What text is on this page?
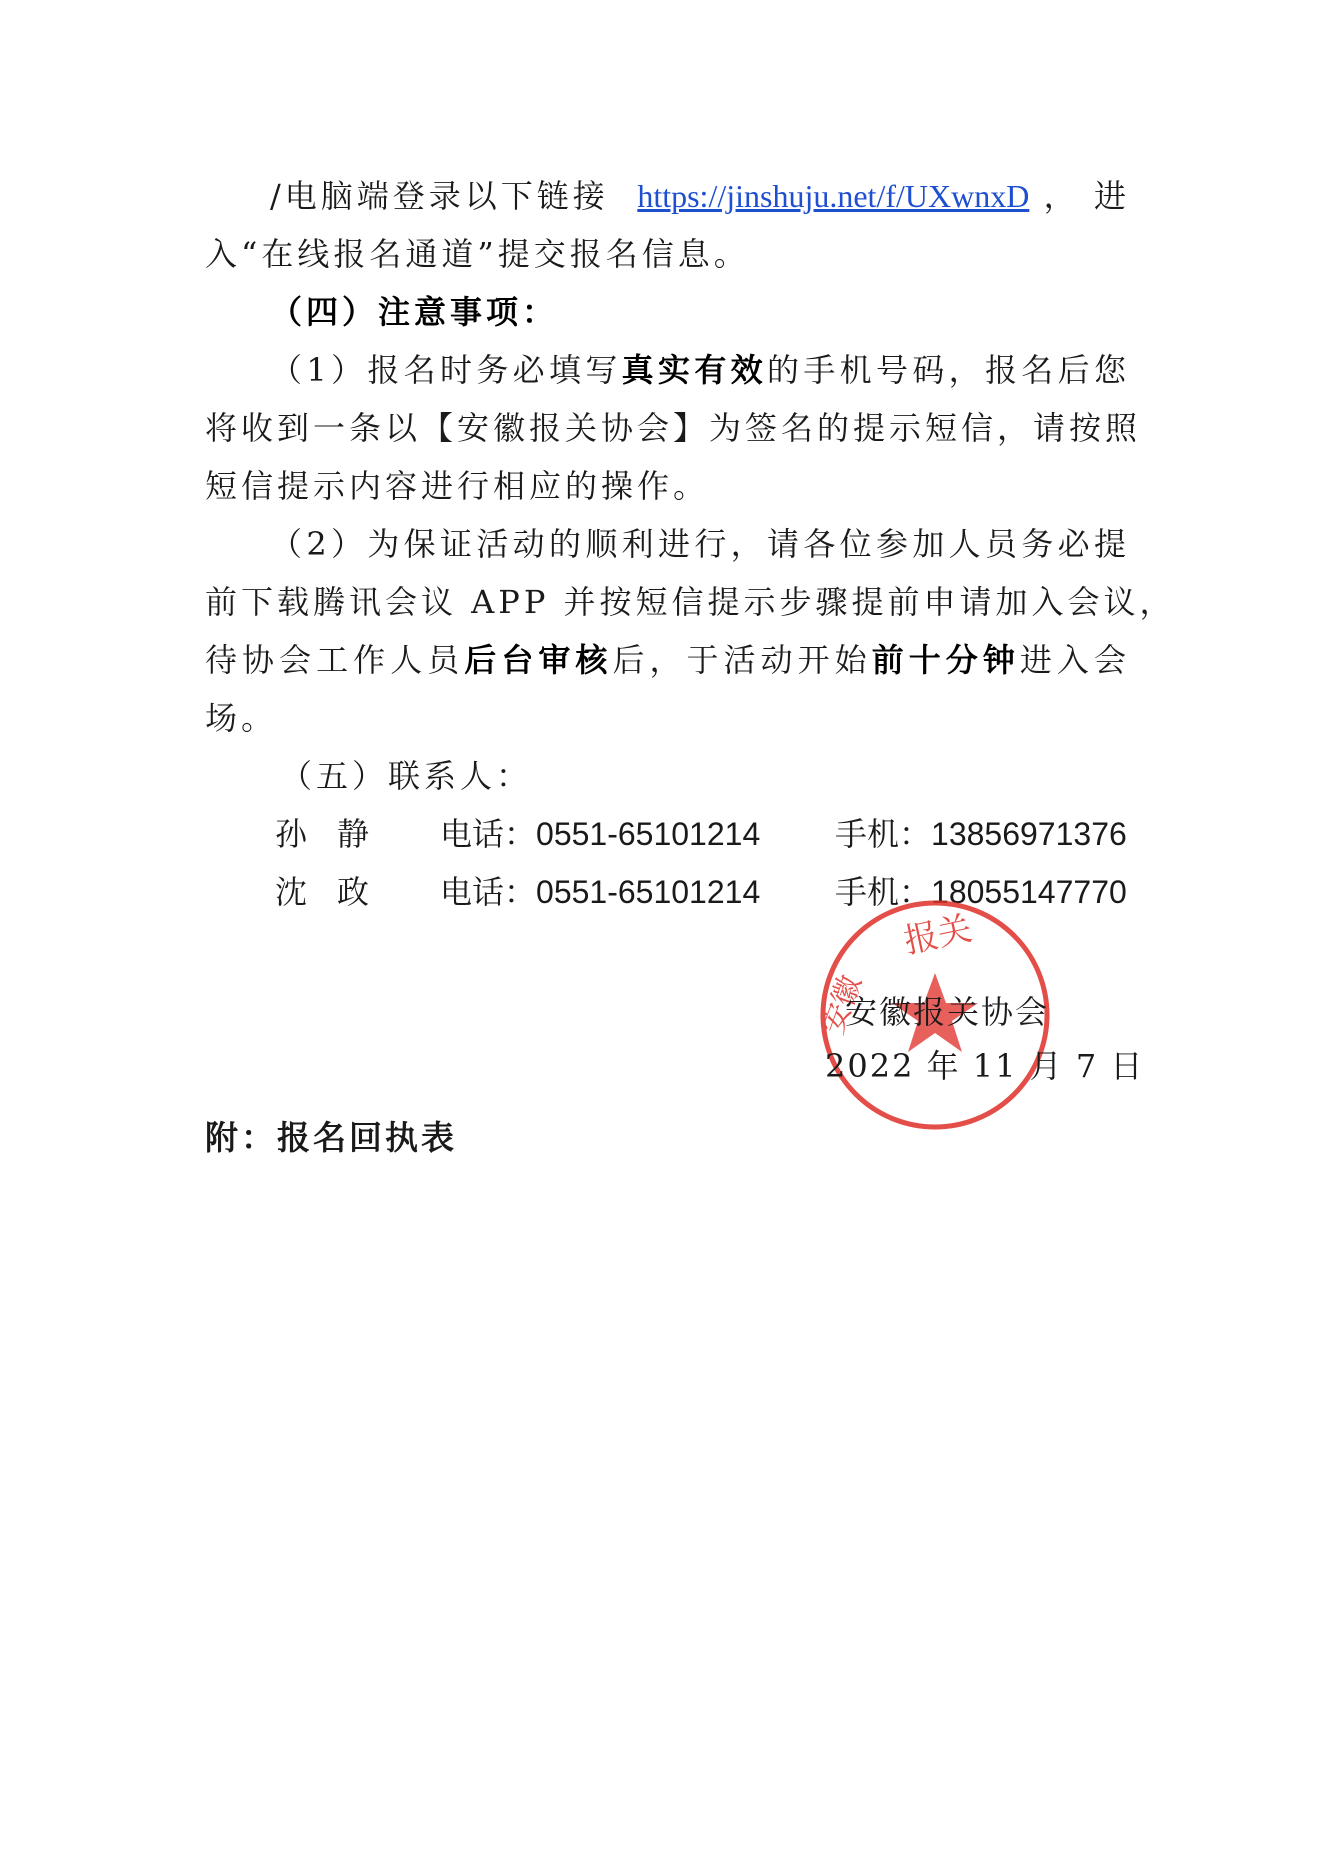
/电脑端登录以下链接 https://jinshuju.net/f/UXwnxD，进
入“在线报名通道”提交报名信息。
（四）注意事项：
（1）报名时务必填写真实有效的手机号码，报名后您
将收到一条以【安徽报关协会】为签名的提示短信，请按照
短信提示内容进行相应的操作。
（2）为保证活动的顺利进行，请各位参加人员务必提
前下载腾讯会议 APP 并按短信提示步骤提前申请加入会议，
待协会工作人员后台审核后，于活动开始前十分钟进入会
场。
（五）联系人：
孙静 电话：0551-65101214 手机：13856971376
沈政 电话：0551-65101214 手机：18055147770
报关
安徽
安徽报关协会
2022 年 11 月 7 日
附：报名回执表
